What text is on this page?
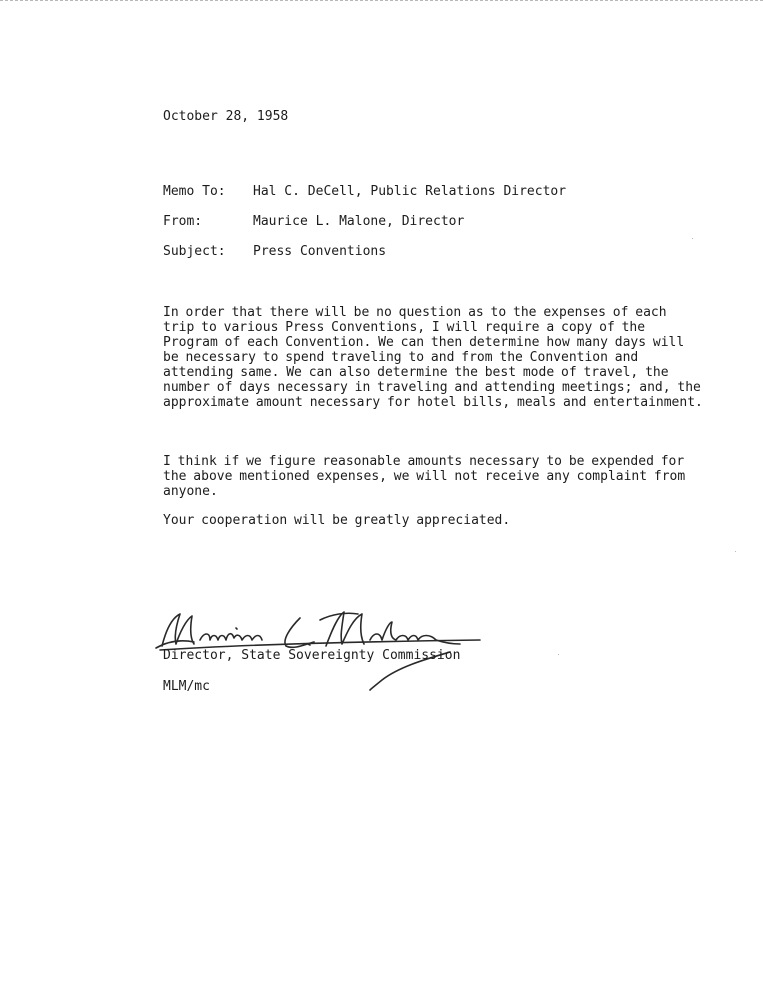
October 28, 1958
Memo To: Hal C. DeCell, Public Relations Director
From:	Maurice L. Malone, Director
Subject: Press Conventions

In order that there will be no question as to the expenses of each trip to various Press Conventions, I will require a copy of the Program of each Convention. We can then determine how many days will be necessary to spend traveling to and from the Convention and attending same. We can also determine the best mode of travel, the number of days necessary in traveling and attending meetings; and, the approximate amount necessary for hotel bills, meals and entertainment.

I think if we figure reasonable amounts necessary to be expended for the above mentioned expenses, we will not receive any complaint from anyone.

Your cooperation will be greatly appreciated.

Director, State Sovereignty Commission
MLM/mc
